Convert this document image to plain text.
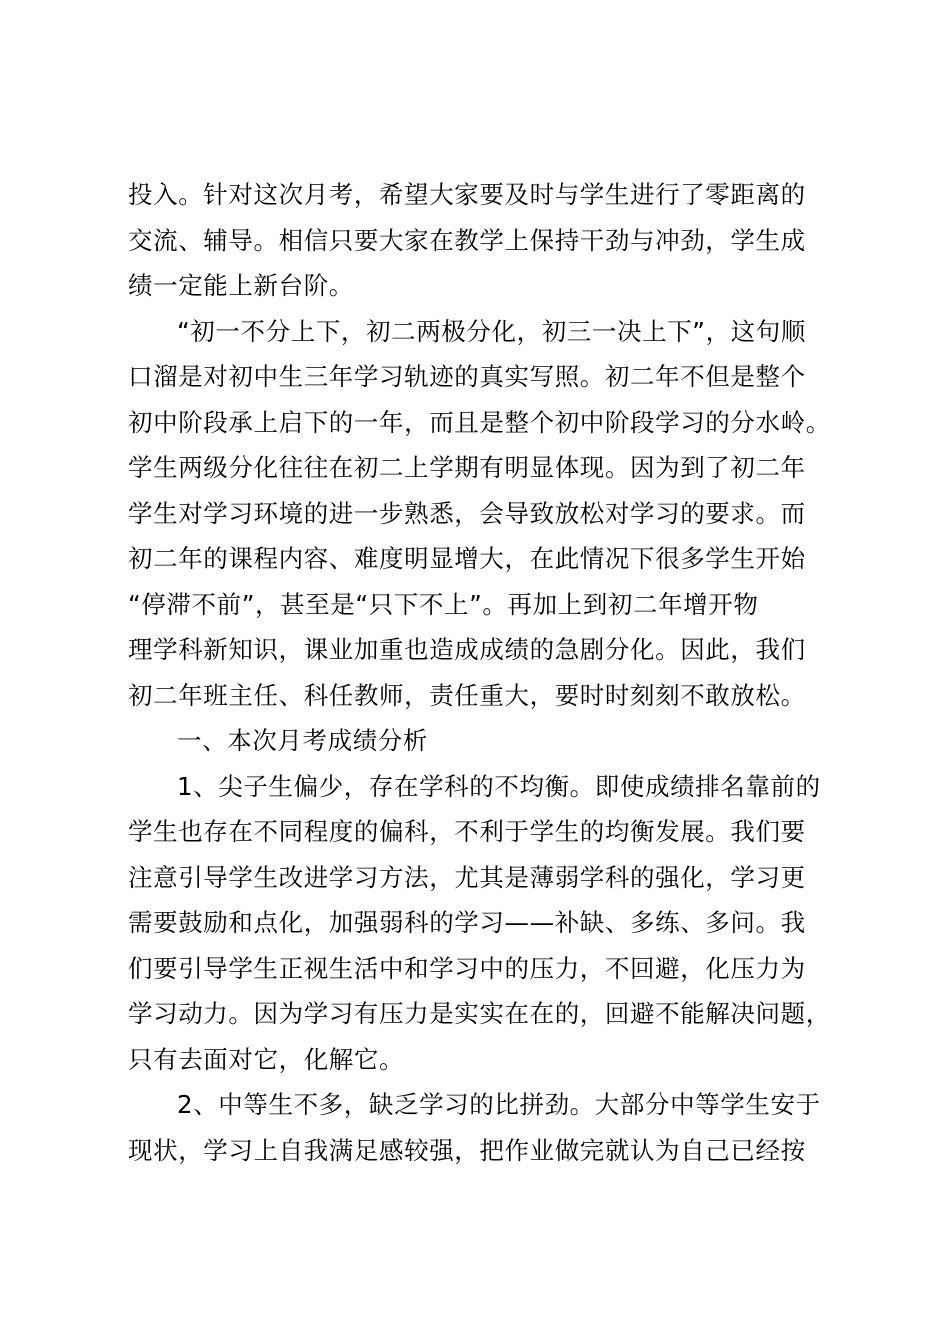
投入。针对这次月考，希望大家要及时与学生进行了零距离的
交流、辅导。相信只要大家在教学上保持干劲与冲劲，学生成
绩一定能上新台阶。
“初一不分上下，初二两极分化，初三一决上下”，这句顺
口溜是对初中生三年学习轨迹的真实写照。初二年不但是整个
初中阶段承上启下的一年，而且是整个初中阶段学习的分水岭。
学生两级分化往往在初二上学期有明显体现。因为到了初二年
学生对学习环境的进一步熟悉，会导致放松对学习的要求。而
初二年的课程内容、难度明显增大，在此情况下很多学生开始
“停滞不前”，甚至是“只下不上”。再加上到初二年增开物
理学科新知识，课业加重也造成成绩的急剧分化。因此，我们
初二年班主任、科任教师，责任重大，要时时刻刻不敢放松。
一、本次月考成绩分析
1、尖子生偏少，存在学科的不均衡。即使成绩排名靠前的
学生也存在不同程度的偏科，不利于学生的均衡发展。我们要
注意引导学生改进学习方法，尤其是薄弱学科的强化，学习更
需要鼓励和点化，加强弱科的学习——补缺、多练、多问。我
们要引导学生正视生活中和学习中的压力，不回避，化压力为
学习动力。因为学习有压力是实实在在的，回避不能解决问题，
只有去面对它，化解它。
2、中等生不多，缺乏学习的比拼劲。大部分中等学生安于
现状，学习上自我满足感较强，把作业做完就认为自己已经按
